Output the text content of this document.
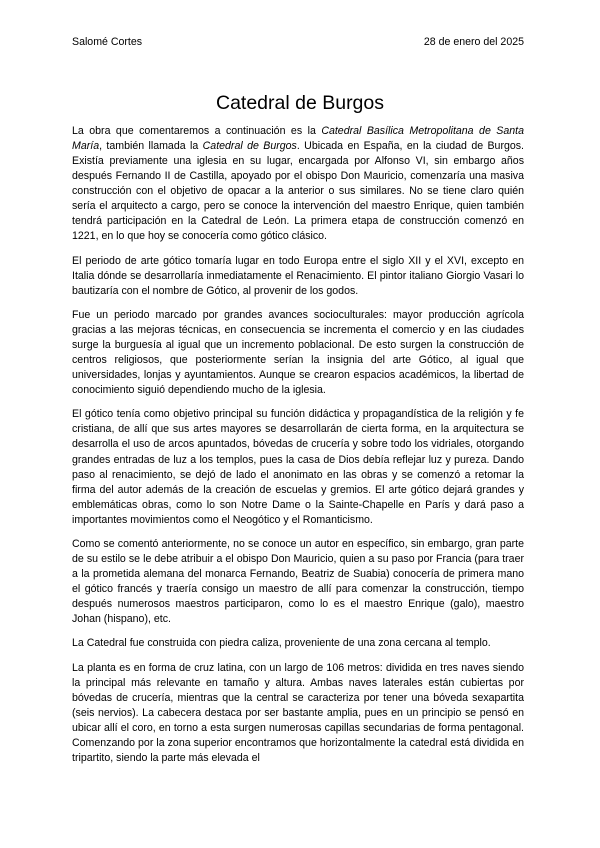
Salomé Cortes	28 de enero del 2025
Catedral de Burgos

La obra que comentaremos a continuación es la Catedral Basílica Metropolitana de Santa María, también llamada la Catedral de Burgos. Ubicada en España, en la ciudad de Burgos. Existía previamente una iglesia en su lugar, encargada por Alfonso VI, sin embargo años después Fernando II de Castilla, apoyado por el obispo Don Mauricio, comenzaría una masiva construcción con el objetivo de opacar a la anterior o sus similares. No se tiene claro quién sería el arquitecto a cargo, pero se conoce la intervención del maestro Enrique, quien también tendrá participación en la Catedral de León. La primera etapa de construcción comenzó en 1221, en lo que hoy se conocería como gótico clásico.

El periodo de arte gótico tomaría lugar en todo Europa entre el siglo XII y el XVI, excepto en Italia dónde se desarrollaría inmediatamente el Renacimiento. El pintor italiano Giorgio Vasari lo bautizaría con el nombre de Gótico, al provenir de los godos.

Fue un periodo marcado por grandes avances socioculturales: mayor producción agrícola gracias a las mejoras técnicas, en consecuencia se incrementa el comercio y en las ciudades surge la burguesía al igual que un incremento poblacional. De esto surgen la construcción de centros religiosos, que posteriormente serían la insignia del arte Gótico, al igual que universidades, lonjas y ayuntamientos. Aunque se crearon espacios académicos, la libertad de conocimiento siguió dependiendo mucho de la iglesia.

El gótico tenía como objetivo principal su función didáctica y propagandística de la religión y fe cristiana, de allí que sus artes mayores se desarrollarán de cierta forma, en la arquitectura se desarrolla el uso de arcos apuntados, bóvedas de crucería y sobre todo los vidriales, otorgando grandes entradas de luz a los templos, pues la casa de Dios debía reflejar luz y pureza. Dando paso al renacimiento, se dejó de lado el anonimato en las obras y se comenzó a retomar la firma del autor además de la creación de escuelas y gremios. El arte gótico dejará grandes y emblemáticas obras, como lo son Notre Dame o la Sainte-Chapelle en París y dará paso a importantes movimientos como el Neogótico y el Romanticismo.

Como se comentó anteriormente, no se conoce un autor en específico, sin embargo, gran parte de su estilo se le debe atribuir a el obispo Don Mauricio, quien a su paso por Francia (para traer a la prometida alemana del monarca Fernando, Beatriz de Suabia) conocería de primera mano el gótico francés y traería consigo un maestro de allí para comenzar la construcción, tiempo después numerosos maestros participaron, como lo es el maestro Enrique (galo), maestro Johan (hispano), etc.

La Catedral fue construida con piedra caliza, proveniente de una zona cercana al templo.

La planta es en forma de cruz latina, con un largo de 106 metros: dividida en tres naves siendo la principal más relevante en tamaño y altura. Ambas naves laterales están cubiertas por bóvedas de crucería, mientras que la central se caracteriza por tener una bóveda sexapartita (seis nervios). La cabecera destaca por ser bastante amplia, pues en un principio se pensó en ubicar allí el coro, en torno a esta surgen numerosas capillas secundarias de forma pentagonal. Comenzando por la zona superior encontramos que horizontalmente la catedral está dividida en tripartito, siendo la parte más elevada el
